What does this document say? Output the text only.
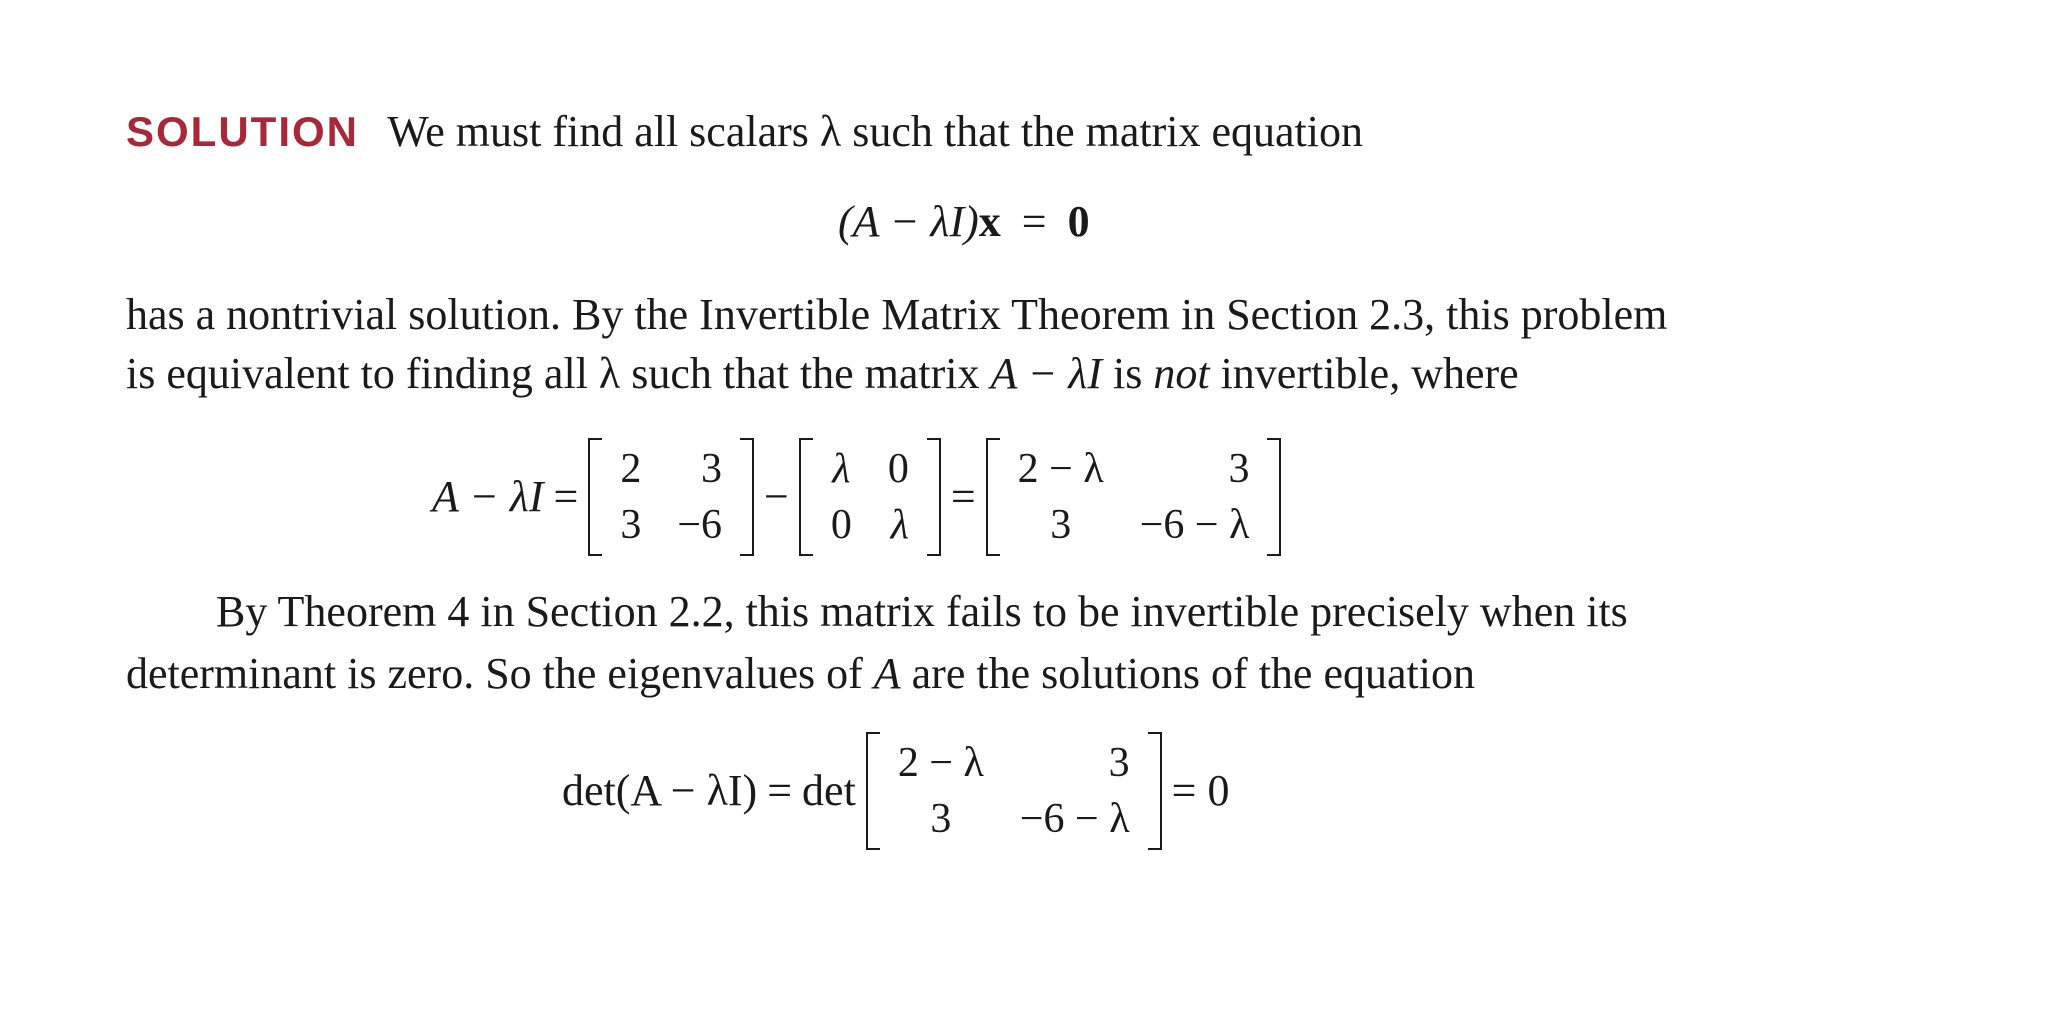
SOLUTION We must find all scalars λ such that the matrix equation
(A − λI)x = 0
has a nontrivial solution. By the Invertible Matrix Theorem in Section 2.3, this problem
is equivalent to finding all λ such that the matrix A − λI is not invertible, where
A − λI =
2	3
3 −6
−
λ 0
0 λ
=
2 − λ	3
3	−6 − λ
By Theorem 4 in Section 2.2, this matrix fails to be invertible precisely when its
determinant is zero. So the eigenvalues of A are the solutions of the equation
det(A − λI) = det
2 − λ	3
3	−6 − λ
= 0
